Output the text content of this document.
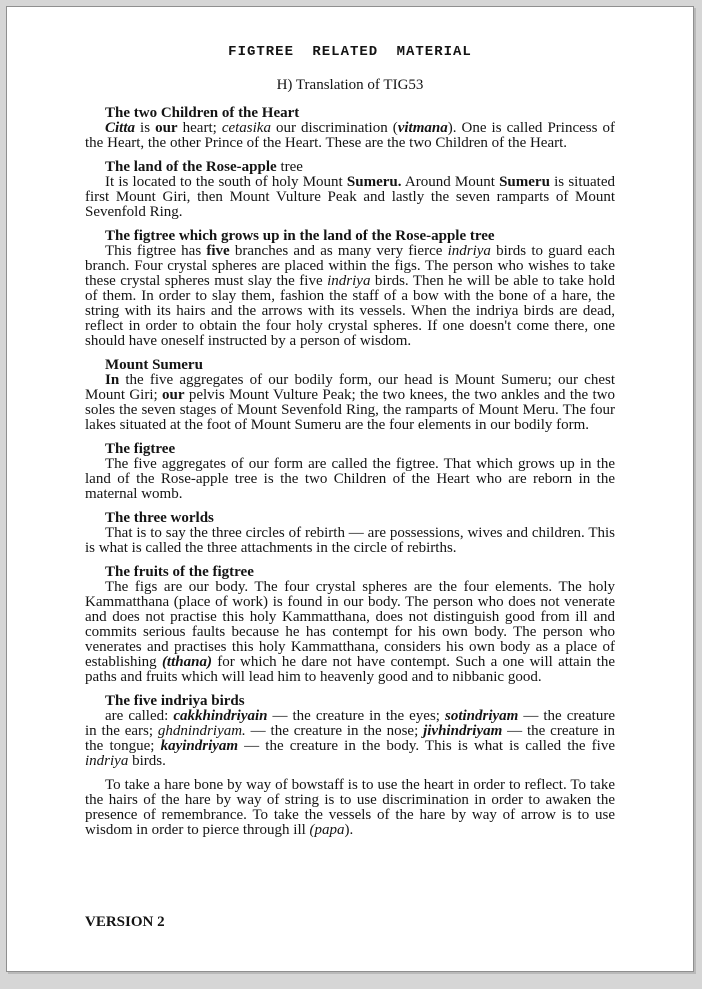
FIGTREE RELATED MATERIAL
H) Translation of TIG53
The two Children of the Heart

Citta is our heart; cetasika our discrimination (vitmana). One is called Princess of the Heart, the other Prince of the Heart. These are the two Children of the Heart.

The land of the Rose-apple tree

It is located to the south of holy Mount Sumeru. Around Mount Sumeru is situated first Mount Giri, then Mount Vulture Peak and lastly the seven ramparts of Mount Sevenfold Ring.

The figtree which grows up in the land of the Rose-apple tree

This figtree has five branches and as many very fierce indriya birds to guard each branch. Four crystal spheres are placed within the figs. The person who wishes to take these crystal spheres must slay the five indriya birds. Then he will be able to take hold of them. In order to slay them, fashion the staff of a bow with the bone of a hare, the string with its hairs and the arrows with its vessels. When the indriya birds are dead, reflect in order to obtain the four holy crystal spheres. If one doesn't come there, one should have oneself instructed by a person of wisdom.

Mount Sumeru

In the five aggregates of our bodily form, our head is Mount Sumeru; our chest Mount Giri; our pelvis Mount Vulture Peak; the two knees, the two ankles and the two soles the seven stages of Mount Sevenfold Ring, the ramparts of Mount Meru. The four lakes situated at the foot of Mount Sumeru are the four elements in our bodily form.

The figtree

The five aggregates of our form are called the figtree. That which grows up in the land of the Rose-apple tree is the two Children of the Heart who are reborn in the maternal womb.

The three worlds

That is to say the three circles of rebirth — are possessions, wives and children. This is what is called the three attachments in the circle of rebirths.

The fruits of the figtree

The figs are our body. The four crystal spheres are the four elements. The holy Kammatthana (place of work) is found in our body. The person who does not venerate and does not practise this holy Kammatthana, does not distinguish good from ill and commits serious faults because he has contempt for his own body. The person who venerates and practises this holy Kammatthana, considers his own body as a place of establishing (tthana) for which he dare not have contempt. Such a one will attain the paths and fruits which will lead him to heavenly good and to nibbanic good.

The five indriya birds

are called: cakkhindriyain — the creature in the eyes; sotindriyam — the creature in the ears; ghdnindriyam. — the creature in the nose; jivhindriyam — the creature in the tongue; kayindriyam — the creature in the body. This is what is called the five indriya birds.

To take a hare bone by way of bowstaff is to use the heart in order to reflect. To take the hairs of the hare by way of string is to use discrimination in order to awaken the presence of remembrance. To take the vessels of the hare by way of arrow is to use wisdom in order to pierce through ill (papa).

VERSION 2
